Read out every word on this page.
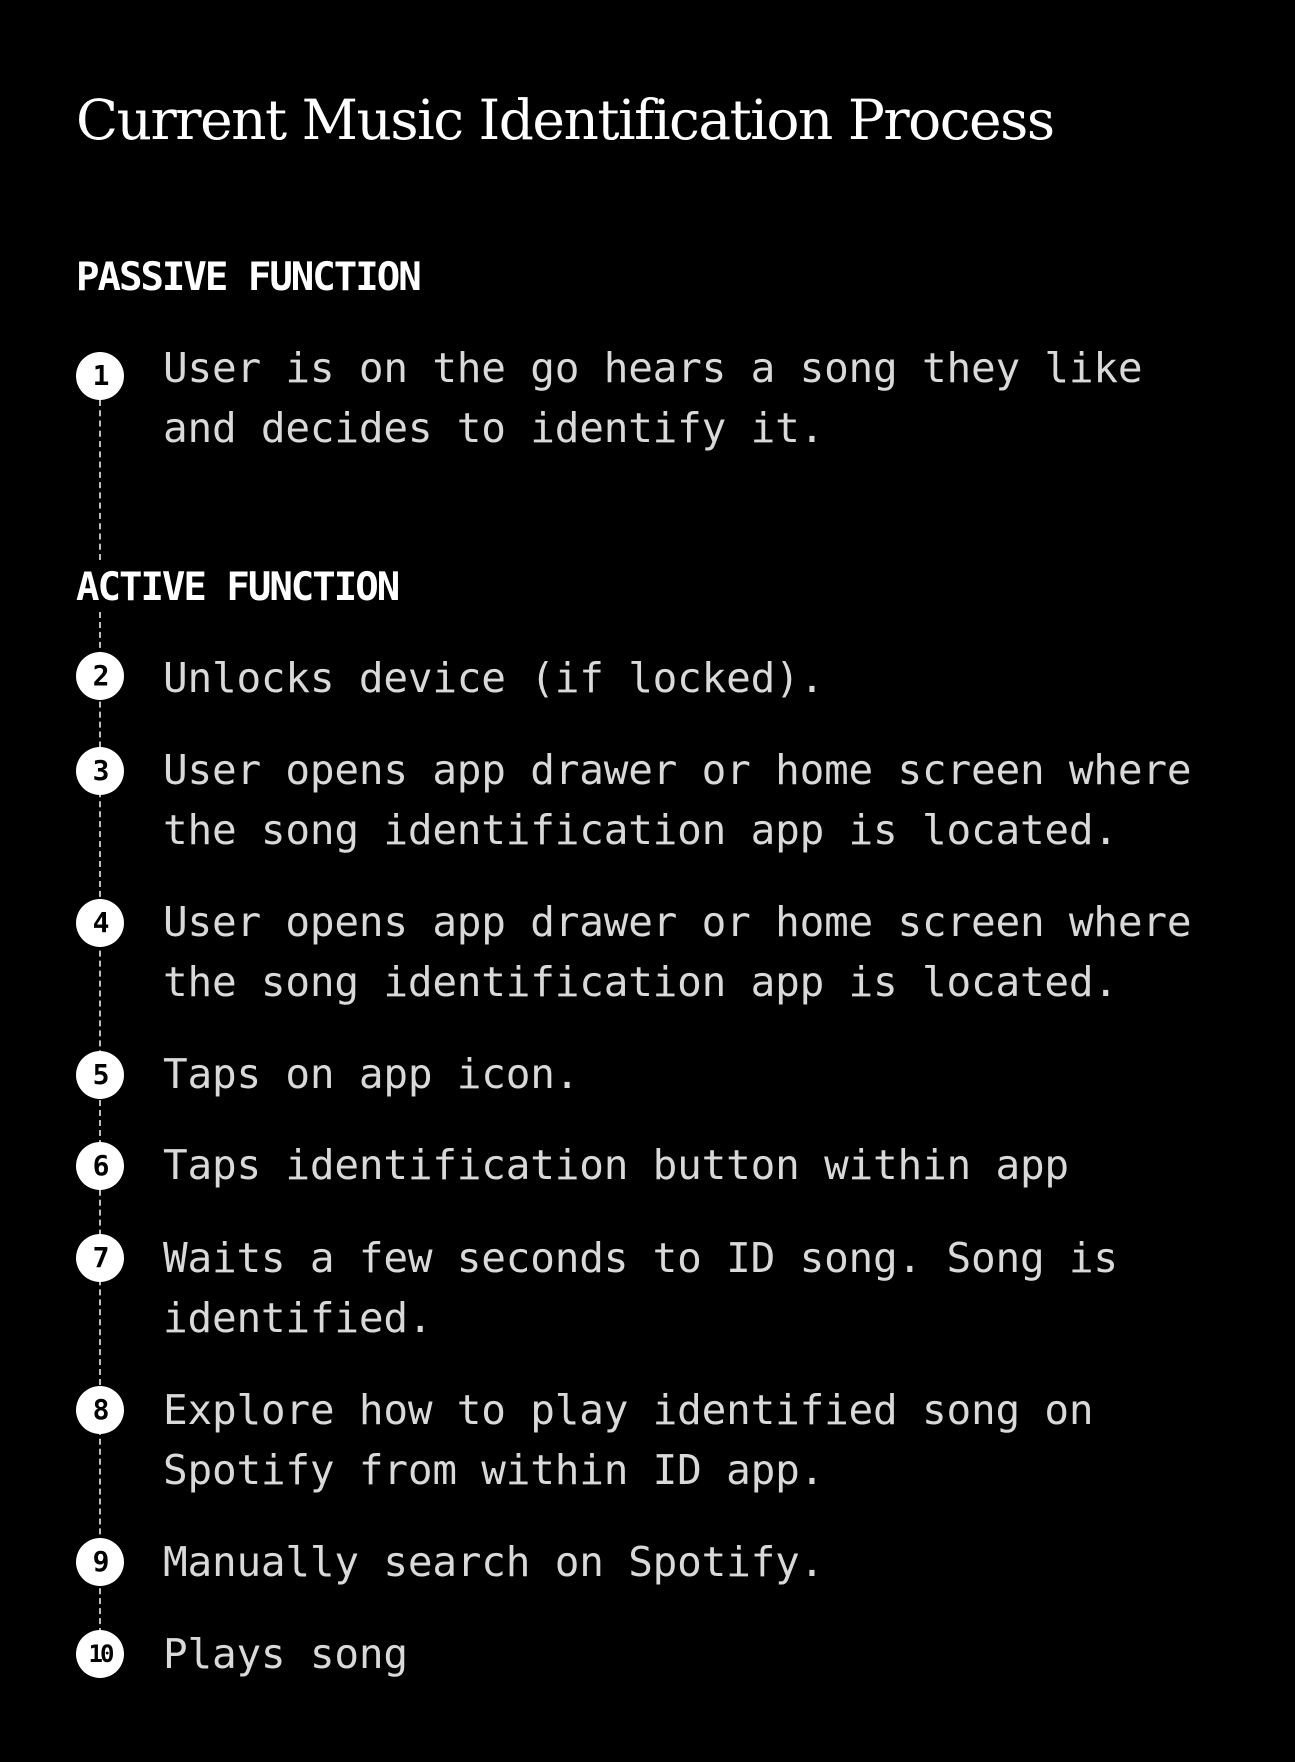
Current Music Identification Process
PASSIVE FUNCTION
1	User is on the go hears a song they like and decides to identify it.
ACTIVE FUNCTION
2	Unlocks device (if locked).
3	User opens app drawer or home screen where the song identification app is located.
4	User opens app drawer or home screen where the song identification app is located.
5	Taps on app icon.
6	Taps identification button within app
7	Waits a few seconds to ID song. Song is identified.
8	Explore how to play identified song on Spotify from within ID app.
9	Manually search on Spotify.
10	Plays song
